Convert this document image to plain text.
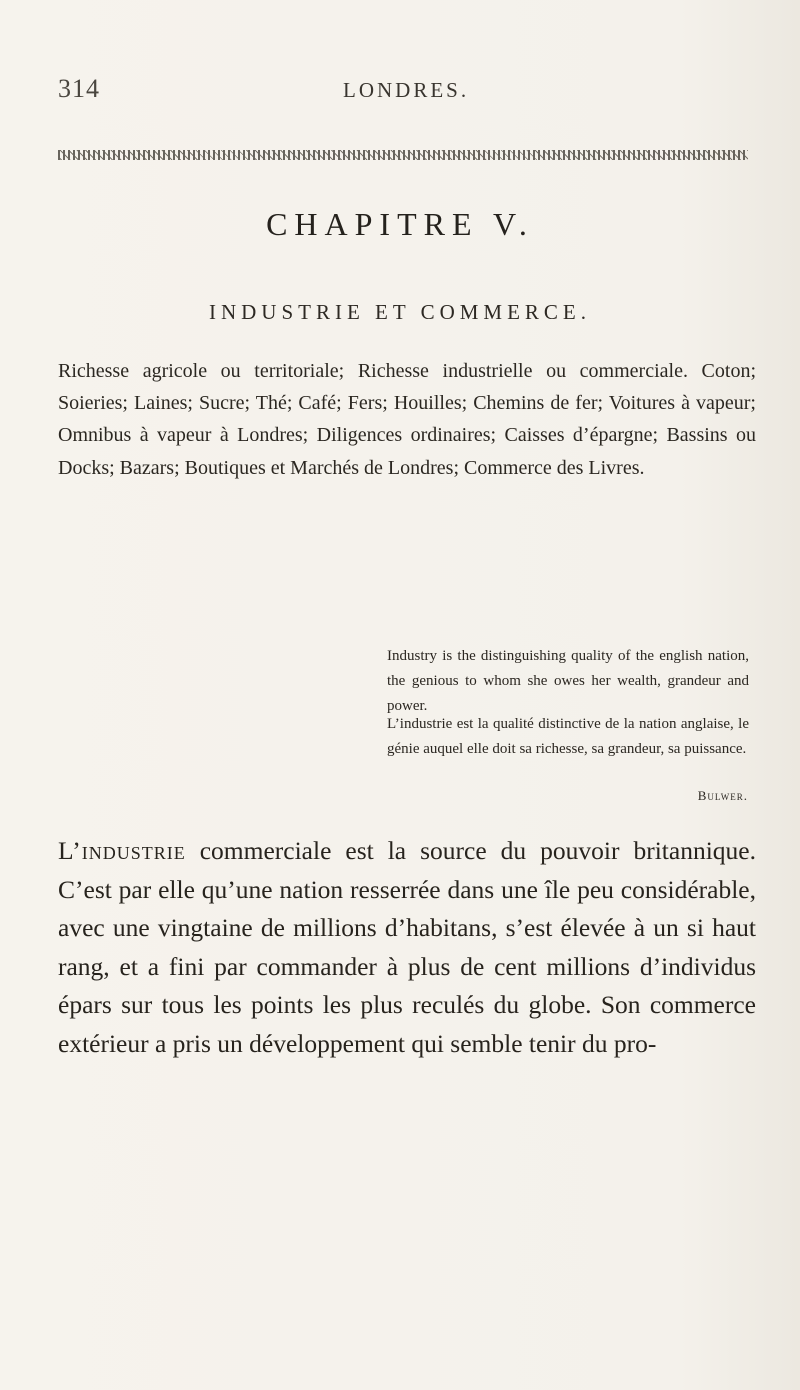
314	LONDRES.
CHAPITRE V.
INDUSTRIE ET COMMERCE.

Richesse agricole ou territoriale; Richesse industrielle ou commerciale. Coton; Soieries; Laines; Sucre; Thé; Café; Fers; Houilles; Chemins de fer; Voitures à vapeur; Omnibus à vapeur à Londres; Diligences ordinaires; Caisses d’épargne; Bassins ou Docks; Bazars; Boutiques et Marchés de Londres; Commerce des Livres.

Industry is the distinguishing quality of the english nation, the genious to whom she owes her wealth, grandeur and power.

L’industrie est la qualité distinctive de la nation anglaise, le génie auquel elle doit sa richesse, sa grandeur, sa puissance.

Bulwer.

L’industrie commerciale est la source du pouvoir britannique. C’est par elle qu’une nation resserrée dans une île peu considérable, avec une vingtaine de millions d’habitans, s’est élevée à un si haut rang, et a fini par commander à plus de cent millions d’individus épars sur tous les points les plus reculés du globe. Son commerce extérieur a pris un développement qui semble tenir du pro-
